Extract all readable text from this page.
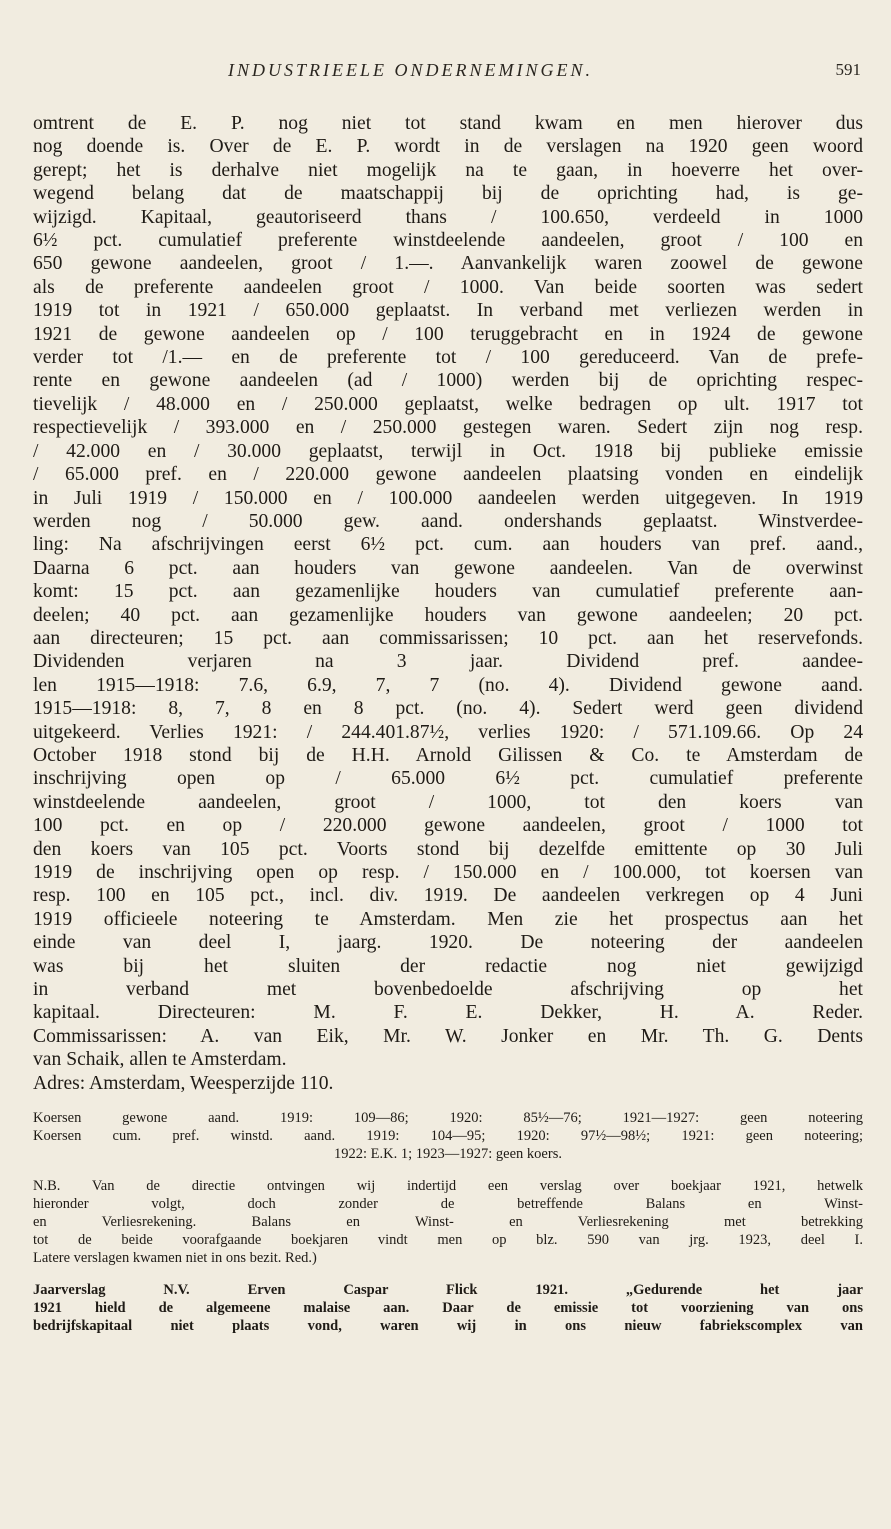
INDUSTRIEELE ONDERNEMINGEN.	591
omtrent de E. P. nog niet tot stand kwam en men hierover dus
nog doende is. Over de E. P. wordt in de verslagen na 1920 geen woord
gerept; het is derhalve niet mogelijk na te gaan, in hoeverre het over-
wegend belang dat de maatschappij bij de oprichting had, is ge-
wijzigd. Kapitaal, geautoriseerd thans / 100.650, verdeeld in 1000
6½ pct. cumulatief preferente winstdeelende aandeelen, groot / 100 en
650 gewone aandeelen, groot / 1.—. Aanvankelijk waren zoowel de gewone
als de preferente aandeelen groot / 1000. Van beide soorten was sedert
1919 tot in 1921 / 650.000 geplaatst. In verband met verliezen werden in
1921 de gewone aandeelen op / 100 teruggebracht en in 1924 de gewone
verder tot /1.— en de preferente tot / 100 gereduceerd. Van de prefe-
rente en gewone aandeelen (ad / 1000) werden bij de oprichting respec-
tievelijk / 48.000 en / 250.000 geplaatst, welke bedragen op ult. 1917 tot
respectievelijk / 393.000 en / 250.000 gestegen waren. Sedert zijn nog resp.
/ 42.000 en / 30.000 geplaatst, terwijl in Oct. 1918 bij publieke emissie
/ 65.000 pref. en / 220.000 gewone aandeelen plaatsing vonden en eindelijk
in Juli 1919 / 150.000 en / 100.000 aandeelen werden uitgegeven. In 1919
werden nog / 50.000 gew. aand. ondershands geplaatst. Winstverdee-
ling: Na afschrijvingen eerst 6½ pct. cum. aan houders van pref. aand.,
Daarna 6 pct. aan houders van gewone aandeelen. Van de overwinst
komt: 15 pct. aan gezamenlijke houders van cumulatief preferente aan-
deelen; 40 pct. aan gezamenlijke houders van gewone aandeelen; 20 pct.
aan directeuren; 15 pct. aan commissarissen; 10 pct. aan het reservefonds.
Dividenden verjaren na 3 jaar. Dividend pref. aandee-
len 1915—1918: 7.6, 6.9, 7, 7 (no. 4). Dividend gewone aand.
1915—1918: 8, 7, 8 en 8 pct. (no. 4). Sedert werd geen dividend
uitgekeerd. Verlies 1921: / 244.401.87½, verlies 1920: / 571.109.66. Op 24
October 1918 stond bij de H.H. Arnold Gilissen & Co. te Amsterdam de
inschrijving open op / 65.000 6½ pct. cumulatief preferente
winstdeelende aandeelen, groot / 1000, tot den koers van
100 pct. en op / 220.000 gewone aandeelen, groot / 1000 tot
den koers van 105 pct. Voorts stond bij dezelfde emittente op 30 Juli
1919 de inschrijving open op resp. / 150.000 en / 100.000, tot koersen van
resp. 100 en 105 pct., incl. div. 1919. De aandeelen verkregen op 4 Juni
1919 officieele noteering te Amsterdam. Men zie het prospectus aan het
einde van deel I, jaarg. 1920. De noteering der aandeelen
was bij het sluiten der redactie nog niet gewijzigd
in verband met bovenbedoelde afschrijving op het
kapitaal. Directeuren: M. F. E. Dekker, H. A. Reder.
Commissarissen: A. van Eik, Mr. W. Jonker en Mr. Th. G. Dents
van Schaik, allen te Amsterdam.
Adres: Amsterdam, Weesperzijde 110.
Koersen gewone aand. 1919: 109—86; 1920: 85½—76; 1921—1927: geen noteering
Koersen cum. pref. winstd. aand. 1919: 104—95; 1920: 97½—98½; 1921: geen noteering;
1922: E.K. 1; 1923—1927: geen koers.
N.B. Van de directie ontvingen wij indertijd een verslag over boekjaar 1921, hetwelk
hieronder volgt, doch zonder de betreffende Balans en Winst-
en Verliesrekening. Balans en Winst- en Verliesrekening met betrekking
tot de beide voorafgaande boekjaren vindt men op blz. 590 van jrg. 1923, deel I.
Latere verslagen kwamen niet in ons bezit. Red.)
Jaarverslag N.V. Erven Caspar Flick 1921. „Gedurende het jaar
1921 hield de algemeene malaise aan. Daar de emissie tot voorziening van ons
bedrijfskapitaal niet plaats vond, waren wij in ons nieuw fabriekscomplex van
